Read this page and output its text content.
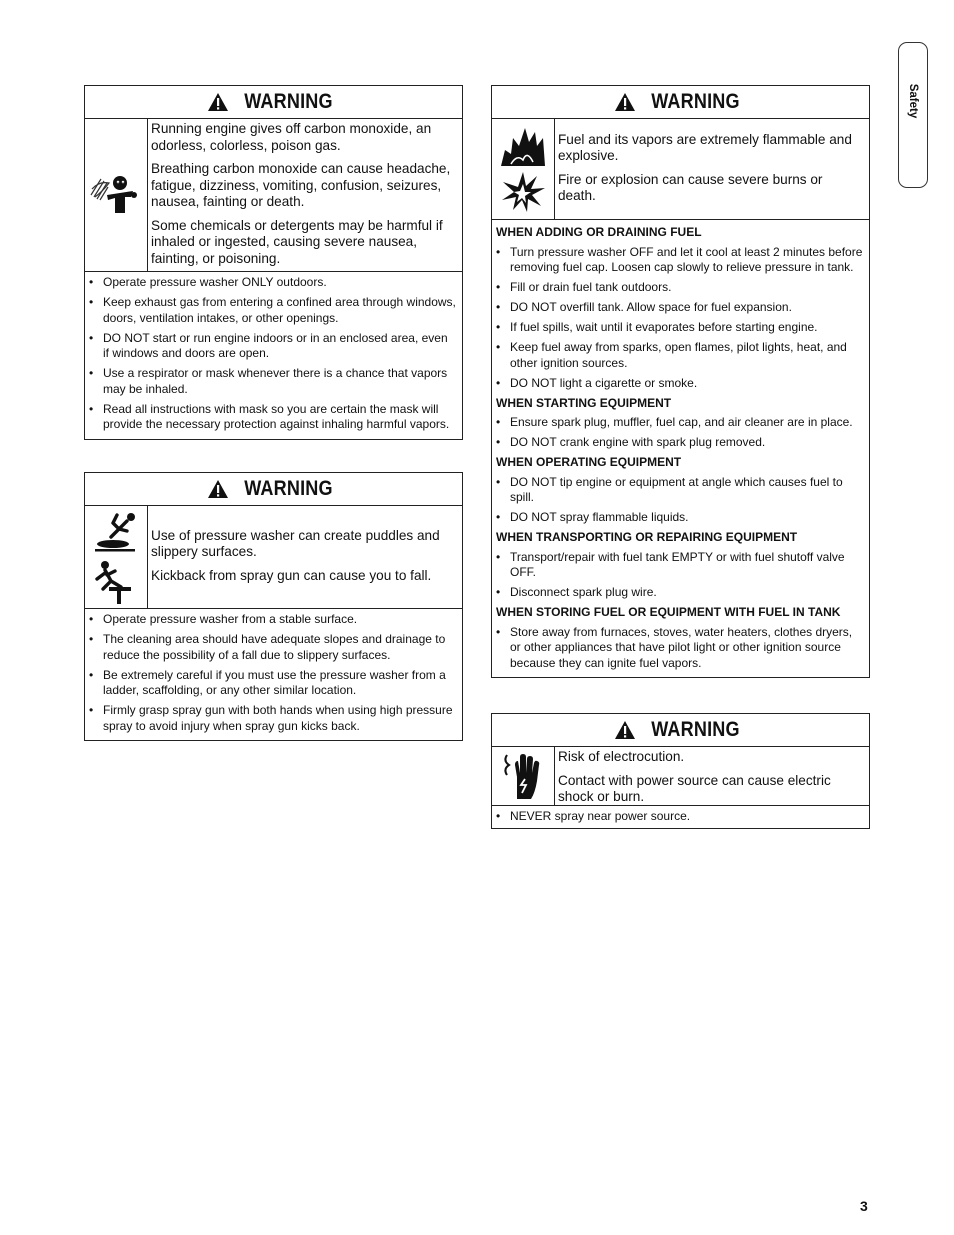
Safety
WARNING

Running engine gives off carbon monoxide, an odorless, colorless, poison gas.

Breathing carbon monoxide can cause headache, fatigue, dizziness, vomiting, confusion, seizures, nausea, fainting or death.

Some chemicals or detergents may be harmful if inhaled or ingested, causing severe nausea, fainting, or poisoning.

• Operate pressure washer ONLY outdoors.
• Keep exhaust gas from entering a confined area through windows, doors, ventilation intakes, or other openings.
• DO NOT start or run engine indoors or in an enclosed area, even if windows and doors are open.
• Use a respirator or mask whenever there is a chance that vapors may be inhaled.
• Read all instructions with mask so you are certain the mask will provide the necessary protection against inhaling harmful vapors.
WARNING

Use of pressure washer can create puddles and slippery surfaces.

Kickback from spray gun can cause you to fall.

• Operate pressure washer from a stable surface.
• The cleaning area should have adequate slopes and drainage to reduce the possibility of a fall due to slippery surfaces.
• Be extremely careful if you must use the pressure washer from a ladder, scaffolding, or any other similar location.
• Firmly grasp spray gun with both hands when using high pressure spray to avoid injury when spray gun kicks back.
WARNING

Fuel and its vapors are extremely flammable and explosive.

Fire or explosion can cause severe burns or death.

WHEN ADDING OR DRAINING FUEL
• Turn pressure washer OFF and let it cool at least 2 minutes before removing fuel cap. Loosen cap slowly to relieve pressure in tank.
• Fill or drain fuel tank outdoors.
• DO NOT overfill tank. Allow space for fuel expansion.
• If fuel spills, wait until it evaporates before starting engine.
• Keep fuel away from sparks, open flames, pilot lights, heat, and other ignition sources.
• DO NOT light a cigarette or smoke.
WHEN STARTING EQUIPMENT
• Ensure spark plug, muffler, fuel cap, and air cleaner are in place.
• DO NOT crank engine with spark plug removed.
WHEN OPERATING EQUIPMENT
• DO NOT tip engine or equipment at angle which causes fuel to spill.
• DO NOT spray flammable liquids.
WHEN TRANSPORTING OR REPAIRING EQUIPMENT
• Transport/repair with fuel tank EMPTY or with fuel shutoff valve OFF.
• Disconnect spark plug wire.
WHEN STORING FUEL OR EQUIPMENT WITH FUEL IN TANK
• Store away from furnaces, stoves, water heaters, clothes dryers, or other appliances that have pilot light or other ignition source because they can ignite fuel vapors.
WARNING

Risk of electrocution.

Contact with power source can cause electric shock or burn.

• NEVER spray near power source.
3
